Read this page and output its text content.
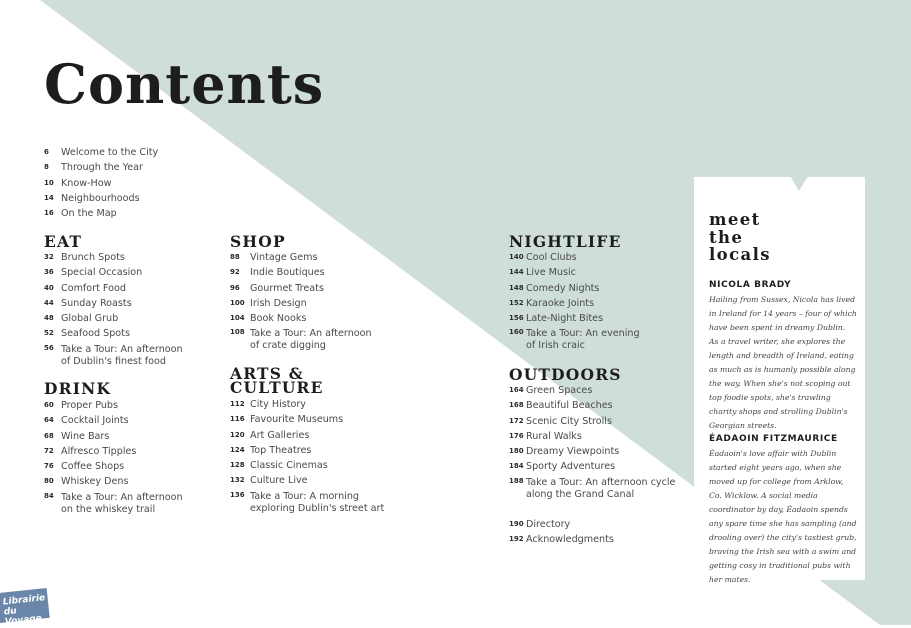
Contents
6 Welcome to the City
8 Through the Year
10 Know-How
14 Neighbourhoods
16 On the Map
EAT
32 Brunch Spots
36 Special Occasion
40 Comfort Food
44 Sunday Roasts
48 Global Grub
52 Seafood Spots
56 Take a Tour: An afternoon
of Dublin's finest food
DRINK
60 Proper Pubs
64 Cocktail Joints
68 Wine Bars
72 Alfresco Tipples
76 Coffee Shops
80 Whiskey Dens
84 Take a Tour: An afternoon
on the whiskey trail
SHOP
88 Vintage Gems
92 Indie Boutiques
96 Gourmet Treats
100 Irish Design
104 Book Nooks
108 Take a Tour: An afternoon
of crate digging
ARTS &
CULTURE
112 City History
116 Favourite Museums
120 Art Galleries
124 Top Theatres
128 Classic Cinemas
132 Culture Live
136 Take a Tour: A morning
exploring Dublin's street art
NIGHTLIFE
140 Cool Clubs
144 Live Music
148 Comedy Nights
152 Karaoke Joints
156 Late-Night Bites
160 Take a Tour: An evening
of Irish craic
OUTDOORS
164 Green Spaces
168 Beautiful Beaches
172 Scenic City Strolls
176 Rural Walks
180 Dreamy Viewpoints
184 Sporty Adventures
188 Take a Tour: An afternoon cycle
along the Grand Canal
190 Directory
192 Acknowledgments
meet
the
locals

NICOLA BRADY

Hailing from Sussex, Nicola has lived in Ireland for 14 years – four of which have been spent in dreamy Dublin. As a travel writer, she explores the length and breadth of Ireland, eating as much as is humanly possible along the way. When she's not scoping out top foodie spots, she's trawling charity shops and strolling Dublin's Georgian streets.

ÉADAOIN FITZMAURICE

Éadaoin's love affair with Dublin started eight years ago, when she moved up for college from Arklow, Co. Wicklow. A social media coordinator by day, Éadaoin spends any spare time she has sampling (and drooling over) the city's tastiest grub, braving the Irish sea with a swim and getting cosy in traditional pubs with her mates.

Librairie du Voyage
